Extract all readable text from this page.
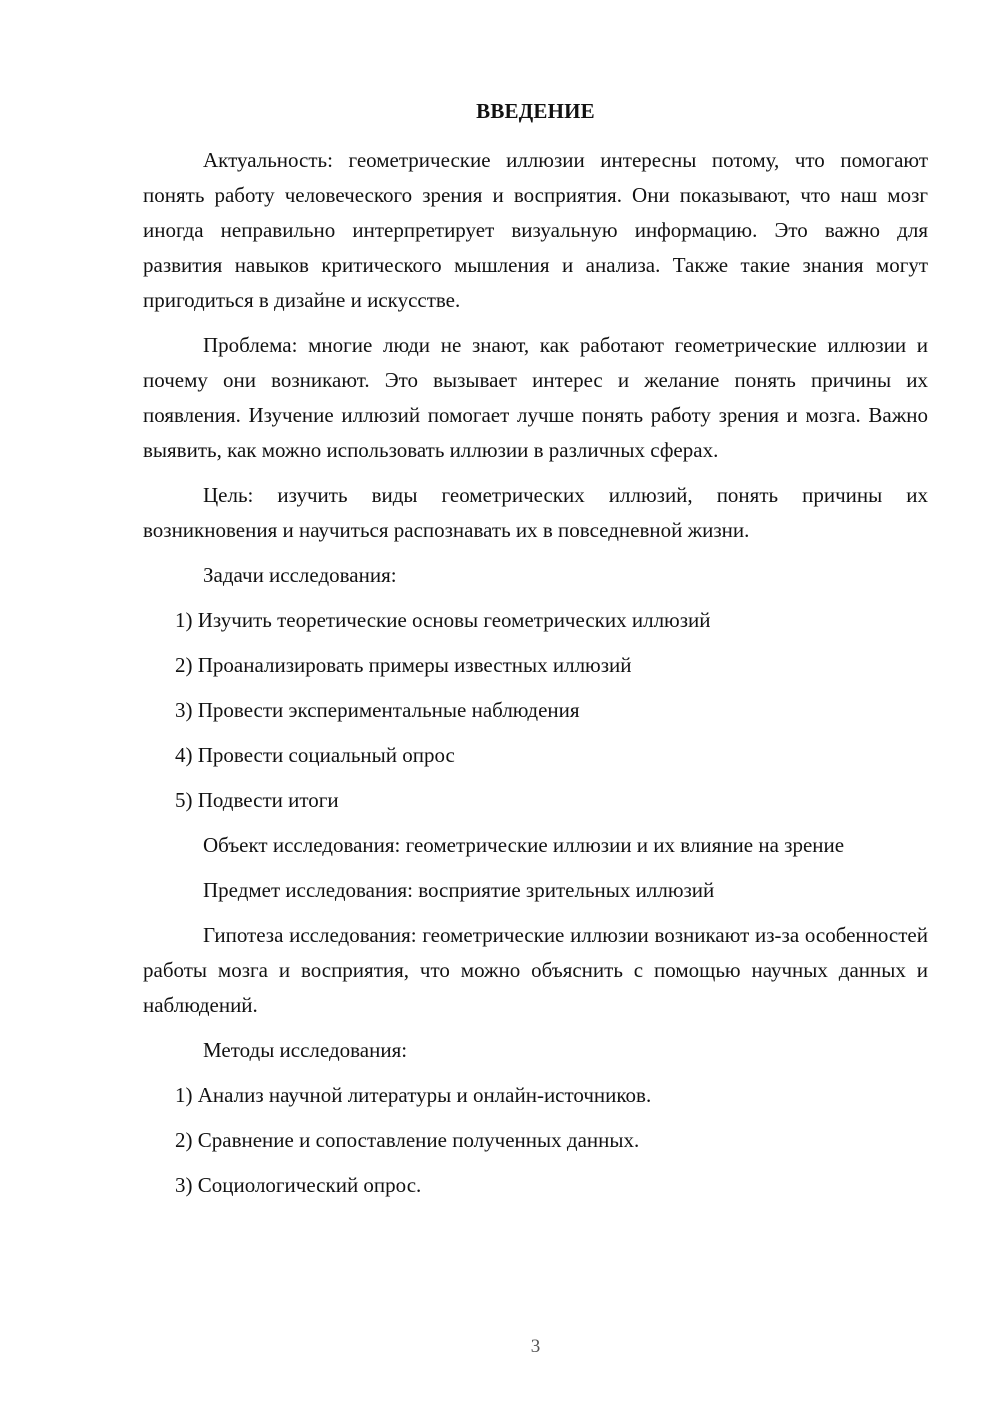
ВВЕДЕНИЕ

Актуальность: геометрические иллюзии интересны потому, что помогают понять работу человеческого зрения и восприятия. Они показывают, что наш мозг иногда неправильно интерпретирует визуальную информацию. Это важно для развития навыков критического мышления и анализа. Также такие знания могут пригодиться в дизайне и искусстве.

Проблема: многие люди не знают, как работают геометрические иллюзии и почему они возникают. Это вызывает интерес и желание понять причины их появления. Изучение иллюзий помогает лучше понять работу зрения и мозга. Важно выявить, как можно использовать иллюзии в различных сферах.

Цель: изучить виды геометрических иллюзий, понять причины их возникновения и научиться распознавать их в повседневной жизни.

Задачи исследования:

1) Изучить теоретические основы геометрических иллюзий

2) Проанализировать примеры известных иллюзий

3) Провести экспериментальные наблюдения

4) Провести социальный опрос

5) Подвести итоги

Объект исследования: геометрические иллюзии и их влияние на зрение

Предмет исследования: восприятие зрительных иллюзий

Гипотеза исследования: геометрические иллюзии возникают из-за особенностей работы мозга и восприятия, что можно объяснить с помощью научных данных и наблюдений.

Методы исследования:

1) Анализ научной литературы и онлайн-источников.

2) Сравнение и сопоставление полученных данных.

3) Социологический опрос.

3
